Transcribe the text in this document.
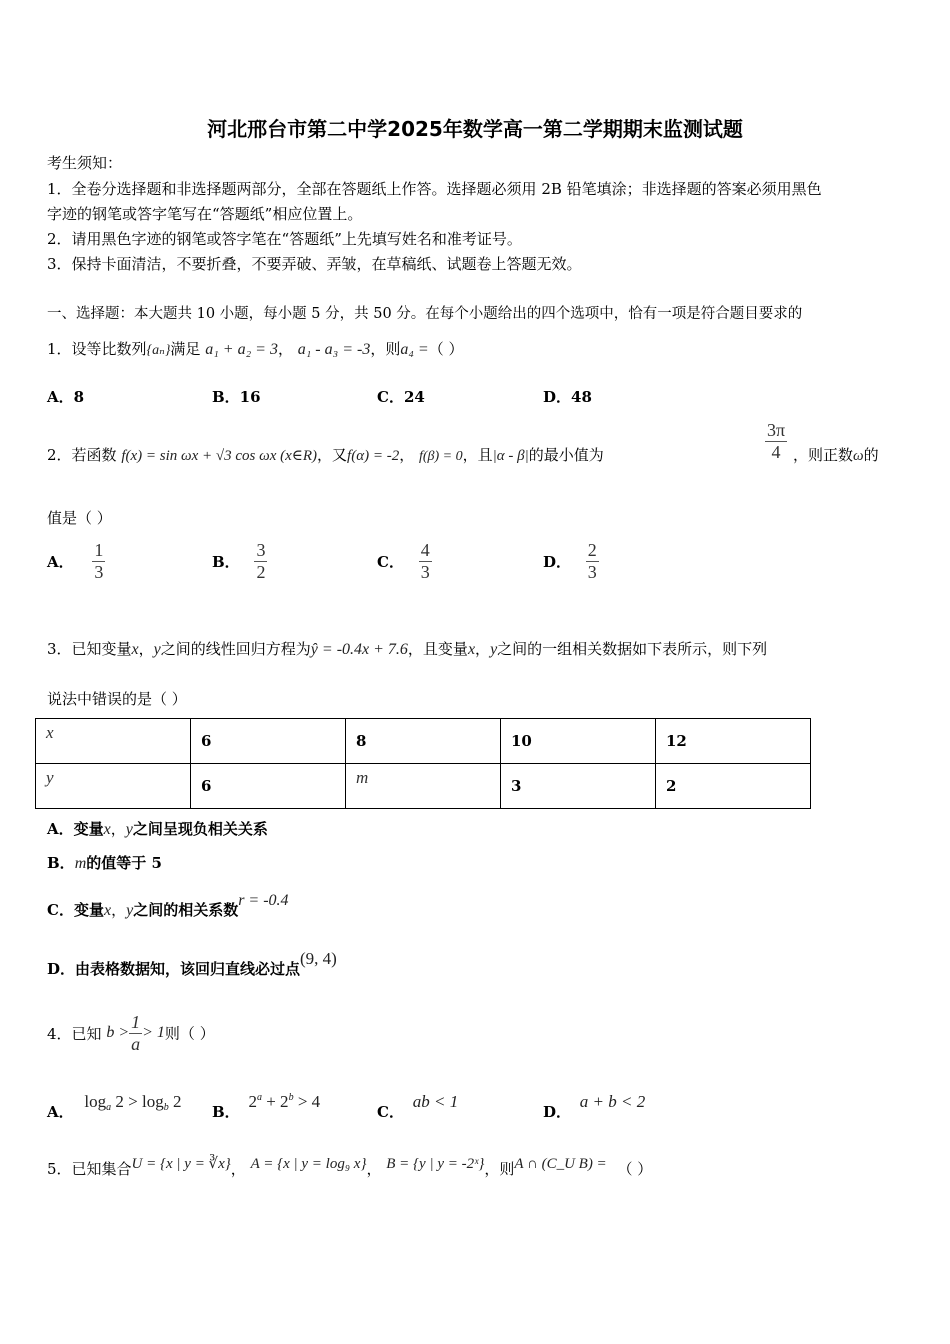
河北邢台市第二中学2025年数学高一第二学期期末监测试题
考生须知：
1．全卷分选择题和非选择题两部分，全部在答题纸上作答。选择题必须用 2B 铅笔填涂；非选择题的答案必须用黑色
字迹的钢笔或答字笔写在“答题纸”相应位置上。
2．请用黑色字迹的钢笔或答字笔在“答题纸”上先填写姓名和准考证号。
3．保持卡面清洁，不要折叠，不要弄破、弄皱，在草稿纸、试题卷上答题无效。
一、选择题：本大题共 10 小题，每小题 5 分，共 50 分。在每个小题给出的四个选项中，恰有一项是符合题目要求的
1．设等比数列{aₙ}满足 a₁ + a₂ = 3， a₁ - a₃ = -3，则a₄ =（ ）
A．8	B．16	C．24	D．48
2．若函数 f(x) = sin ωx + √3 cos ωx (x∈R)，又f(α) = -2， f(β) = 0，且|α - β|的最小值为	$\frac{3\pi}{4}$ ，则正数ω的
值是（ ）
A． $\frac{1}{3}$	B． $\frac{3}{2}$	C． $\frac{4}{3}$	D． $\frac{2}{3}$
3．已知变量x，y之间的线性回归方程为ŷ = -0.4x + 7.6，且变量x，y之间的一组相关数据如下表所示，则下列
说法中错误的是（ ）
x	6	8	10	12
y	6	m	3	2
A．变量x，y之间呈现负相关关系
B．m的值等于 5
C．变量x，y之间的相关系数r = -0.4
D．由表格数据知，该回归直线必过点(9, 4)
4．已知 $b > \frac{1}{a} > 1$则（ ）
A． $\log_a 2 > \log_b 2$
B． $2^a + 2^b > 4$
C． ab < 1
D． a + b < 2
5．已知集合U = {x | y = ∛x}， A = {x | y = log₉ x}， B = {y | y = -2ˣ}，则A ∩ (C_U B) = （ ）
